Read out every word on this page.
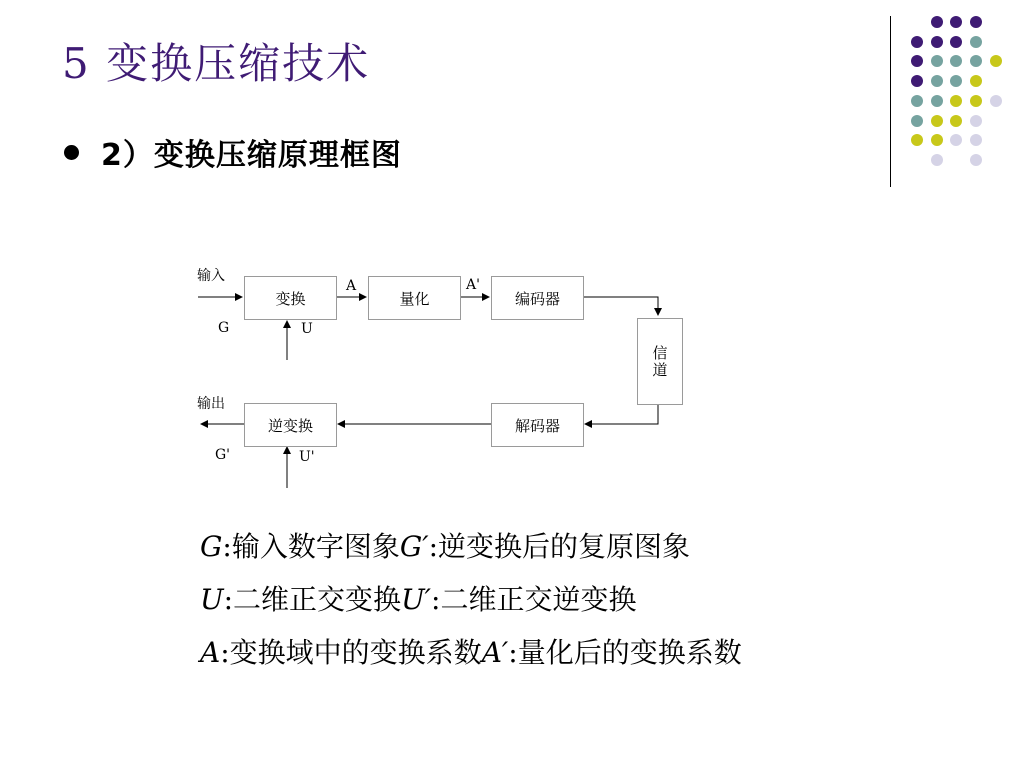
5 变换压缩技术
2）变换压缩原理框图
变换	量化	编码器
信道
解码器
逆变换
输入
G	U
A	A'
输出
G'	U'
G:输入数字图象G′:逆变换后的复原图象
U:二维正交变换U′:二维正交逆变换
A:变换域中的变换系数A′:量化后的变换系数
